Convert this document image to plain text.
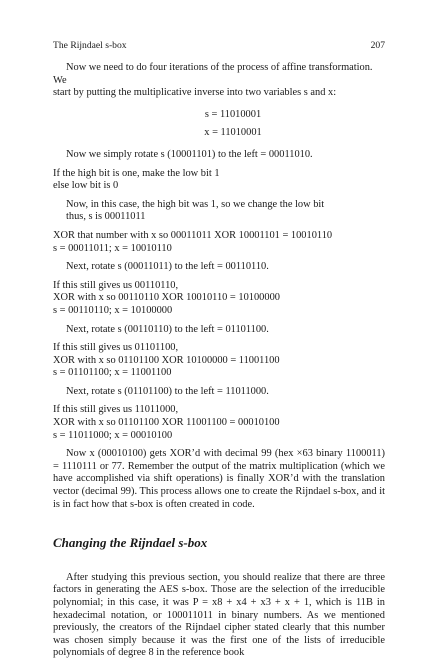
The Rijndael s-box	207

Now we need to do four iterations of the process of affine transformation. We

start by putting the multiplicative inverse into two variables s and x:

s = 11010001

x = 11010001

Now we simply rotate s (10001101) to the left = 00011010.

If the high bit is one, make the low bit 1

else low bit is 0

Now, in this case, the high bit was 1, so we change the low bit

thus, s is 00011011

XOR that number with x so 00011011 XOR 10001101 = 10010110

s = 00011011; x = 10010110

Next, rotate s (00011011) to the left = 00110110.

If this still gives us 00110110,

XOR with x so 00110110 XOR 10010110 = 10100000

s = 00110110; x = 10100000

Next, rotate s (00110110) to the left = 01101100.

If this still gives us 01101100,

XOR with x so 01101100 XOR 10100000 = 11001100

s = 01101100; x = 11001100

Next, rotate s (01101100) to the left = 11011000.

If this still gives us 11011000,

XOR with x so 01101100 XOR 11001100 = 00010100

s = 11011000; x = 00010100

Now x (00010100) gets XOR’d with decimal 99 (hex ×63 binary 1100011) = 1110111 or 77. Remember the output of the matrix multiplication (which we have accomplished via shift operations) is finally XOR’d with the translation vector (decimal 99). This process allows one to create the Rijndael s-box, and it is in fact how that s-box is often created in code.

Changing the Rijndael s-box

After studying this previous section, you should realize that there are three factors in generating the AES s-box. Those are the selection of the irreducible polynomial; in this case, it was P = x8 + x4 + x3 + x + 1, which is 11B in hexadecimal notation, or 100011011 in binary numbers. As we mentioned previously, the creators of the Rijndael cipher stated clearly that this number was chosen simply because it was the first one of the lists of irreducible polynomials of degree 8 in the reference book
